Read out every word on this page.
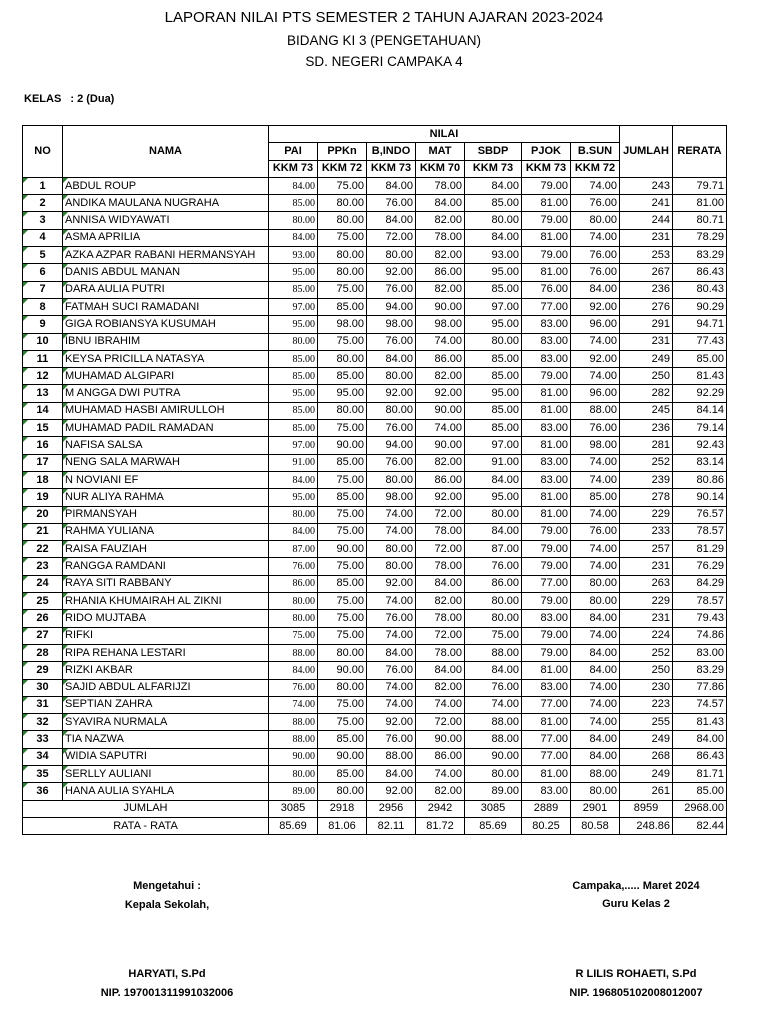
LAPORAN NILAI PTS SEMESTER 2 TAHUN AJARAN 2023-2024
BIDANG KI 3 (PENGETAHUAN)
SD. NEGERI CAMPAKA 4
KELAS : 2 (Dua)
NO	NAMA	NILAI							JUMLAH	RERATA
		PAI	PPKn	B,INDO	MAT	SBDP	PJOK	B.SUN		
		KKM 73	KKM 72	KKM 73	KKM 70	KKM 73	KKM 73	KKM 72		
1	ABDUL ROUP	84.00	75.00	84.00	78.00	84.00	79.00	74.00	243	79.71
2	ANDIKA MAULANA NUGRAHA	85.00	80.00	76.00	84.00	85.00	81.00	76.00	241	81.00
3	ANNISA WIDYAWATI	80.00	80.00	84.00	82.00	80.00	79.00	80.00	244	80.71
4	ASMA APRILIA	84.00	75.00	72.00	78.00	84.00	81.00	74.00	231	78.29
5	AZKA AZPAR RABANI HERMANSYAH	93.00	80.00	80.00	82.00	93.00	79.00	76.00	253	83.29
6	DANIS ABDUL MANAN	95.00	80.00	92.00	86.00	95.00	81.00	76.00	267	86.43
7	DARA AULIA PUTRI	85.00	75.00	76.00	82.00	85.00	76.00	84.00	236	80.43
8	FATMAH SUCI RAMADANI	97.00	85.00	94.00	90.00	97.00	77.00	92.00	276	90.29
9	GIGA ROBIANSYA KUSUMAH	95.00	98.00	98.00	98.00	95.00	83.00	96.00	291	94.71
10	IBNU IBRAHIM	80.00	75.00	76.00	74.00	80.00	83.00	74.00	231	77.43
11	KEYSA PRICILLA NATASYA	85.00	80.00	84.00	86.00	85.00	83.00	92.00	249	85.00
12	MUHAMAD ALGIPARI	85.00	85.00	80.00	82.00	85.00	79.00	74.00	250	81.43
13	M ANGGA DWI PUTRA	95.00	95.00	92.00	92.00	95.00	81.00	96.00	282	92.29
14	MUHAMAD HASBI AMIRULLOH	85.00	80.00	80.00	90.00	85.00	81.00	88.00	245	84.14
15	MUHAMAD PADIL RAMADAN	85.00	75.00	76.00	74.00	85.00	83.00	76.00	236	79.14
16	NAFISA SALSA	97.00	90.00	94.00	90.00	97.00	81.00	98.00	281	92.43
17	NENG SALA MARWAH	91.00	85.00	76.00	82.00	91.00	83.00	74.00	252	83.14
18	N NOVIANI EF	84.00	75.00	80.00	86.00	84.00	83.00	74.00	239	80.86
19	NUR ALIYA RAHMA	95.00	85.00	98.00	92.00	95.00	81.00	85.00	278	90.14
20	PIRMANSYAH	80.00	75.00	74.00	72.00	80.00	81.00	74.00	229	76.57
21	RAHMA YULIANA	84.00	75.00	74.00	78.00	84.00	79.00	76.00	233	78.57
22	RAISA FAUZIAH	87.00	90.00	80.00	72.00	87.00	79.00	74.00	257	81.29
23	RANGGA RAMDANI	76.00	75.00	80.00	78.00	76.00	79.00	74.00	231	76.29
24	RAYA SITI RABBANY	86.00	85.00	92.00	84.00	86.00	77.00	80.00	263	84.29
25	RHANIA KHUMAIRAH AL ZIKNI	80.00	75.00	74.00	82.00	80.00	79.00	80.00	229	78.57
26	RIDO MUJTABA	80.00	75.00	76.00	78.00	80.00	83.00	84.00	231	79.43
27	RIFKI	75.00	75.00	74.00	72.00	75.00	79.00	74.00	224	74.86
28	RIPA REHANA LESTARI	88.00	80.00	84.00	78.00	88.00	79.00	84.00	252	83.00
29	RIZKI AKBAR	84.00	90.00	76.00	84.00	84.00	81.00	84.00	250	83.29
30	SAJID ABDUL ALFARIJZI	76.00	80.00	74.00	82.00	76.00	83.00	74.00	230	77.86
31	SEPTIAN ZAHRA	74.00	75.00	74.00	74.00	74.00	77.00	74.00	223	74.57
32	SYAVIRA NURMALA	88.00	75.00	92.00	72.00	88.00	81.00	74.00	255	81.43
33	TIA NAZWA	88.00	85.00	76.00	90.00	88.00	77.00	84.00	249	84.00
34	WIDIA SAPUTRI	90.00	90.00	88.00	86.00	90.00	77.00	84.00	268	86.43
35	SERLLY AULIANI	80.00	85.00	84.00	74.00	80.00	81.00	88.00	249	81.71
36	HANA AULIA SYAHLA	89.00	80.00	92.00	82.00	89.00	83.00	80.00	261	85.00
JUMLAH		3085	2918	2956	2942	3085	2889	2901	8959	2968.00
RATA - RATA		85.69	81.06	82.11	81.72	85.69	80.25	80.58	248.86	82.44
Mengetahui :
Kepala Sekolah,
HARYATI, S.Pd
NIP. 197001311991032006
Campaka,..... Maret 2024
Guru Kelas 2
R LILIS ROHAETI, S.Pd
NIP. 196805102008012007
